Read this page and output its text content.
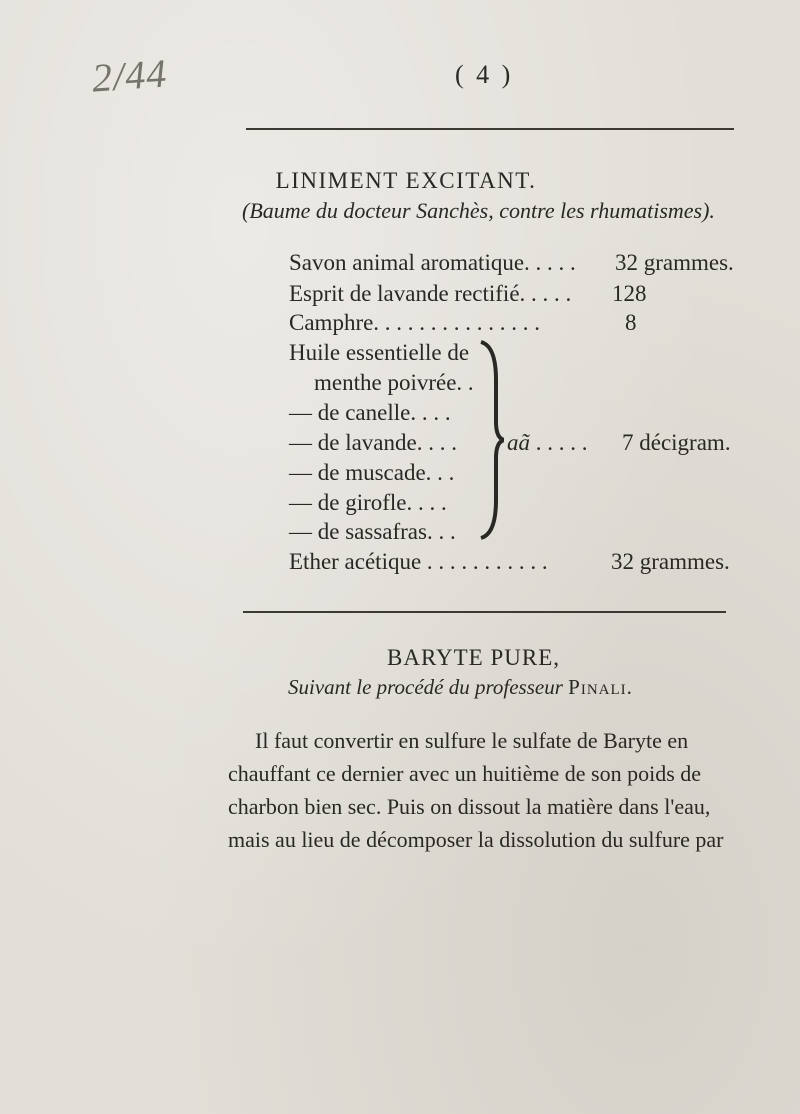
2/44	( 4 )
LINIMENT EXCITANT.
(Baume du docteur Sanchès, contre les rhumatismes).
Savon animal aromatique. . . . . 32 grammes.
Esprit de lavande rectifié. . . . . 128
Camphre. . . . . . . . . . . . . . .	8
Huile essentielle de
menthe poivrée. .
— de canelle. . . .
— de lavande. . . .
— de muscade. . .
— de girofle. . . .
— de sassafras. . .
aã . . . . . 7 décigram.
Ether acétique . . . . . . . . . . .	32 grammes.
BARYTE PURE,
Suivant le procédé du professeur Pinali.
Il faut convertir en sulfure le sulfate de Baryte en
chauffant ce dernier avec un huitième de son poids de
charbon bien sec. Puis on dissout la matière dans l'eau,
mais au lieu de décomposer la dissolution du sulfure par
